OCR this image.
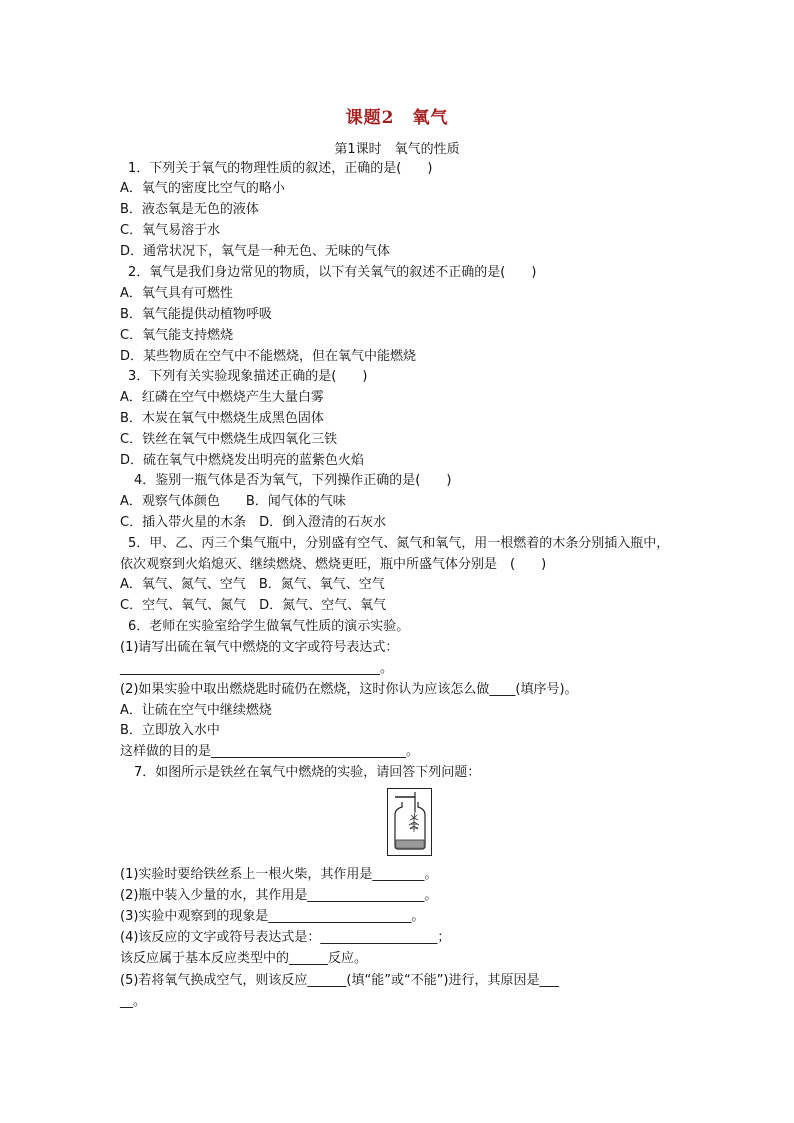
课题2　氧气
第1课时　氧气的性质
1．下列关于氧气的物理性质的叙述，正确的是(　　)
A．氧气的密度比空气的略小
B．液态氧是无色的液体
C．氧气易溶于水
D．通常状况下，氧气是一种无色、无味的气体
2．氧气是我们身边常见的物质，以下有关氧气的叙述不正确的是(　　)
A．氧气具有可燃性
B．氧气能提供动植物呼吸
C．氧气能支持燃烧
D．某些物质在空气中不能燃烧，但在氧气中能燃烧
3．下列有关实验现象描述正确的是(　　)
A．红磷在空气中燃烧产生大量白雾
B．木炭在氧气中燃烧生成黑色固体
C．铁丝在氧气中燃烧生成四氧化三铁
D．硫在氧气中燃烧发出明亮的蓝紫色火焰
4．鉴别一瓶气体是否为氧气，下列操作正确的是(　　)
A．观察气体颜色　　B．闻气体的气味
C．插入带火星的木条　D．倒入澄清的石灰水
5．甲、乙、丙三个集气瓶中，分别盛有空气、氮气和氧气，用一根燃着的木条分别插入瓶中，
依次观察到火焰熄灭、继续燃烧、燃烧更旺，瓶中所盛气体分别是　(　　)
A．氧气、氮气、空气　B．氮气、氧气、空气
C．空气、氧气、氮气　D．氮气、空气、氧气
6．老师在实验室给学生做氧气性质的演示实验。
(1)请写出硫在氧气中燃烧的文字或符号表达式：
________________________________________。
(2)如果实验中取出燃烧匙时硫仍在燃烧，这时你认为应该怎么做____(填序号)。
A．让硫在空气中继续燃烧
B．立即放入水中
这样做的目的是______________________________。
7．如图所示是铁丝在氧气中燃烧的实验，请回答下列问题：
(1)实验时要给铁丝系上一根火柴，其作用是________。
(2)瓶中装入少量的水，其作用是__________________。
(3)实验中观察到的现象是______________________。
(4)该反应的文字或符号表达式是：__________________；
该反应属于基本反应类型中的______反应。
(5)若将氧气换成空气，则该反应______(填“能”或“不能”)进行，其原因是___
__。
